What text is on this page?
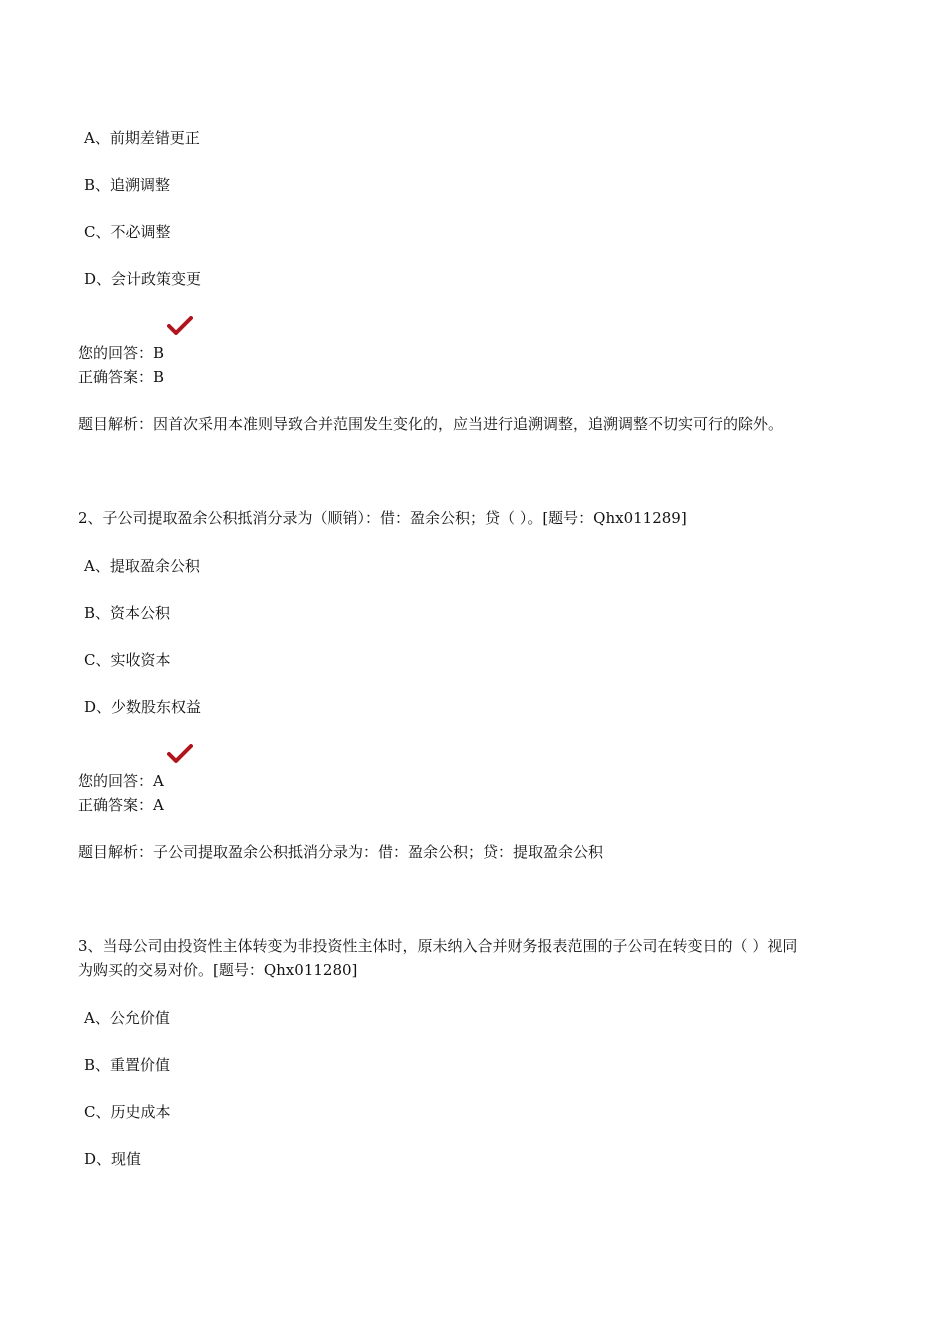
A、前期差错更正
B、追溯调整
C、不必调整
D、会计政策变更
您的回答：B
正确答案：B
题目解析：因首次采用本准则导致合并范围发生变化的，应当进行追溯调整，追溯调整不切实可行的除外。
2、子公司提取盈余公积抵消分录为（顺销）：借：盈余公积；贷（ ）。[题号：Qhx011289]
A、提取盈余公积
B、资本公积
C、实收资本
D、少数股东权益
您的回答：A
正确答案：A
题目解析：子公司提取盈余公积抵消分录为：借：盈余公积；贷：提取盈余公积
3、当母公司由投资性主体转变为非投资性主体时，原未纳入合并财务报表范围的子公司在转变日的（ ）视同
为购买的交易对价。[题号：Qhx011280]
A、公允价值
B、重置价值
C、历史成本
D、现值
